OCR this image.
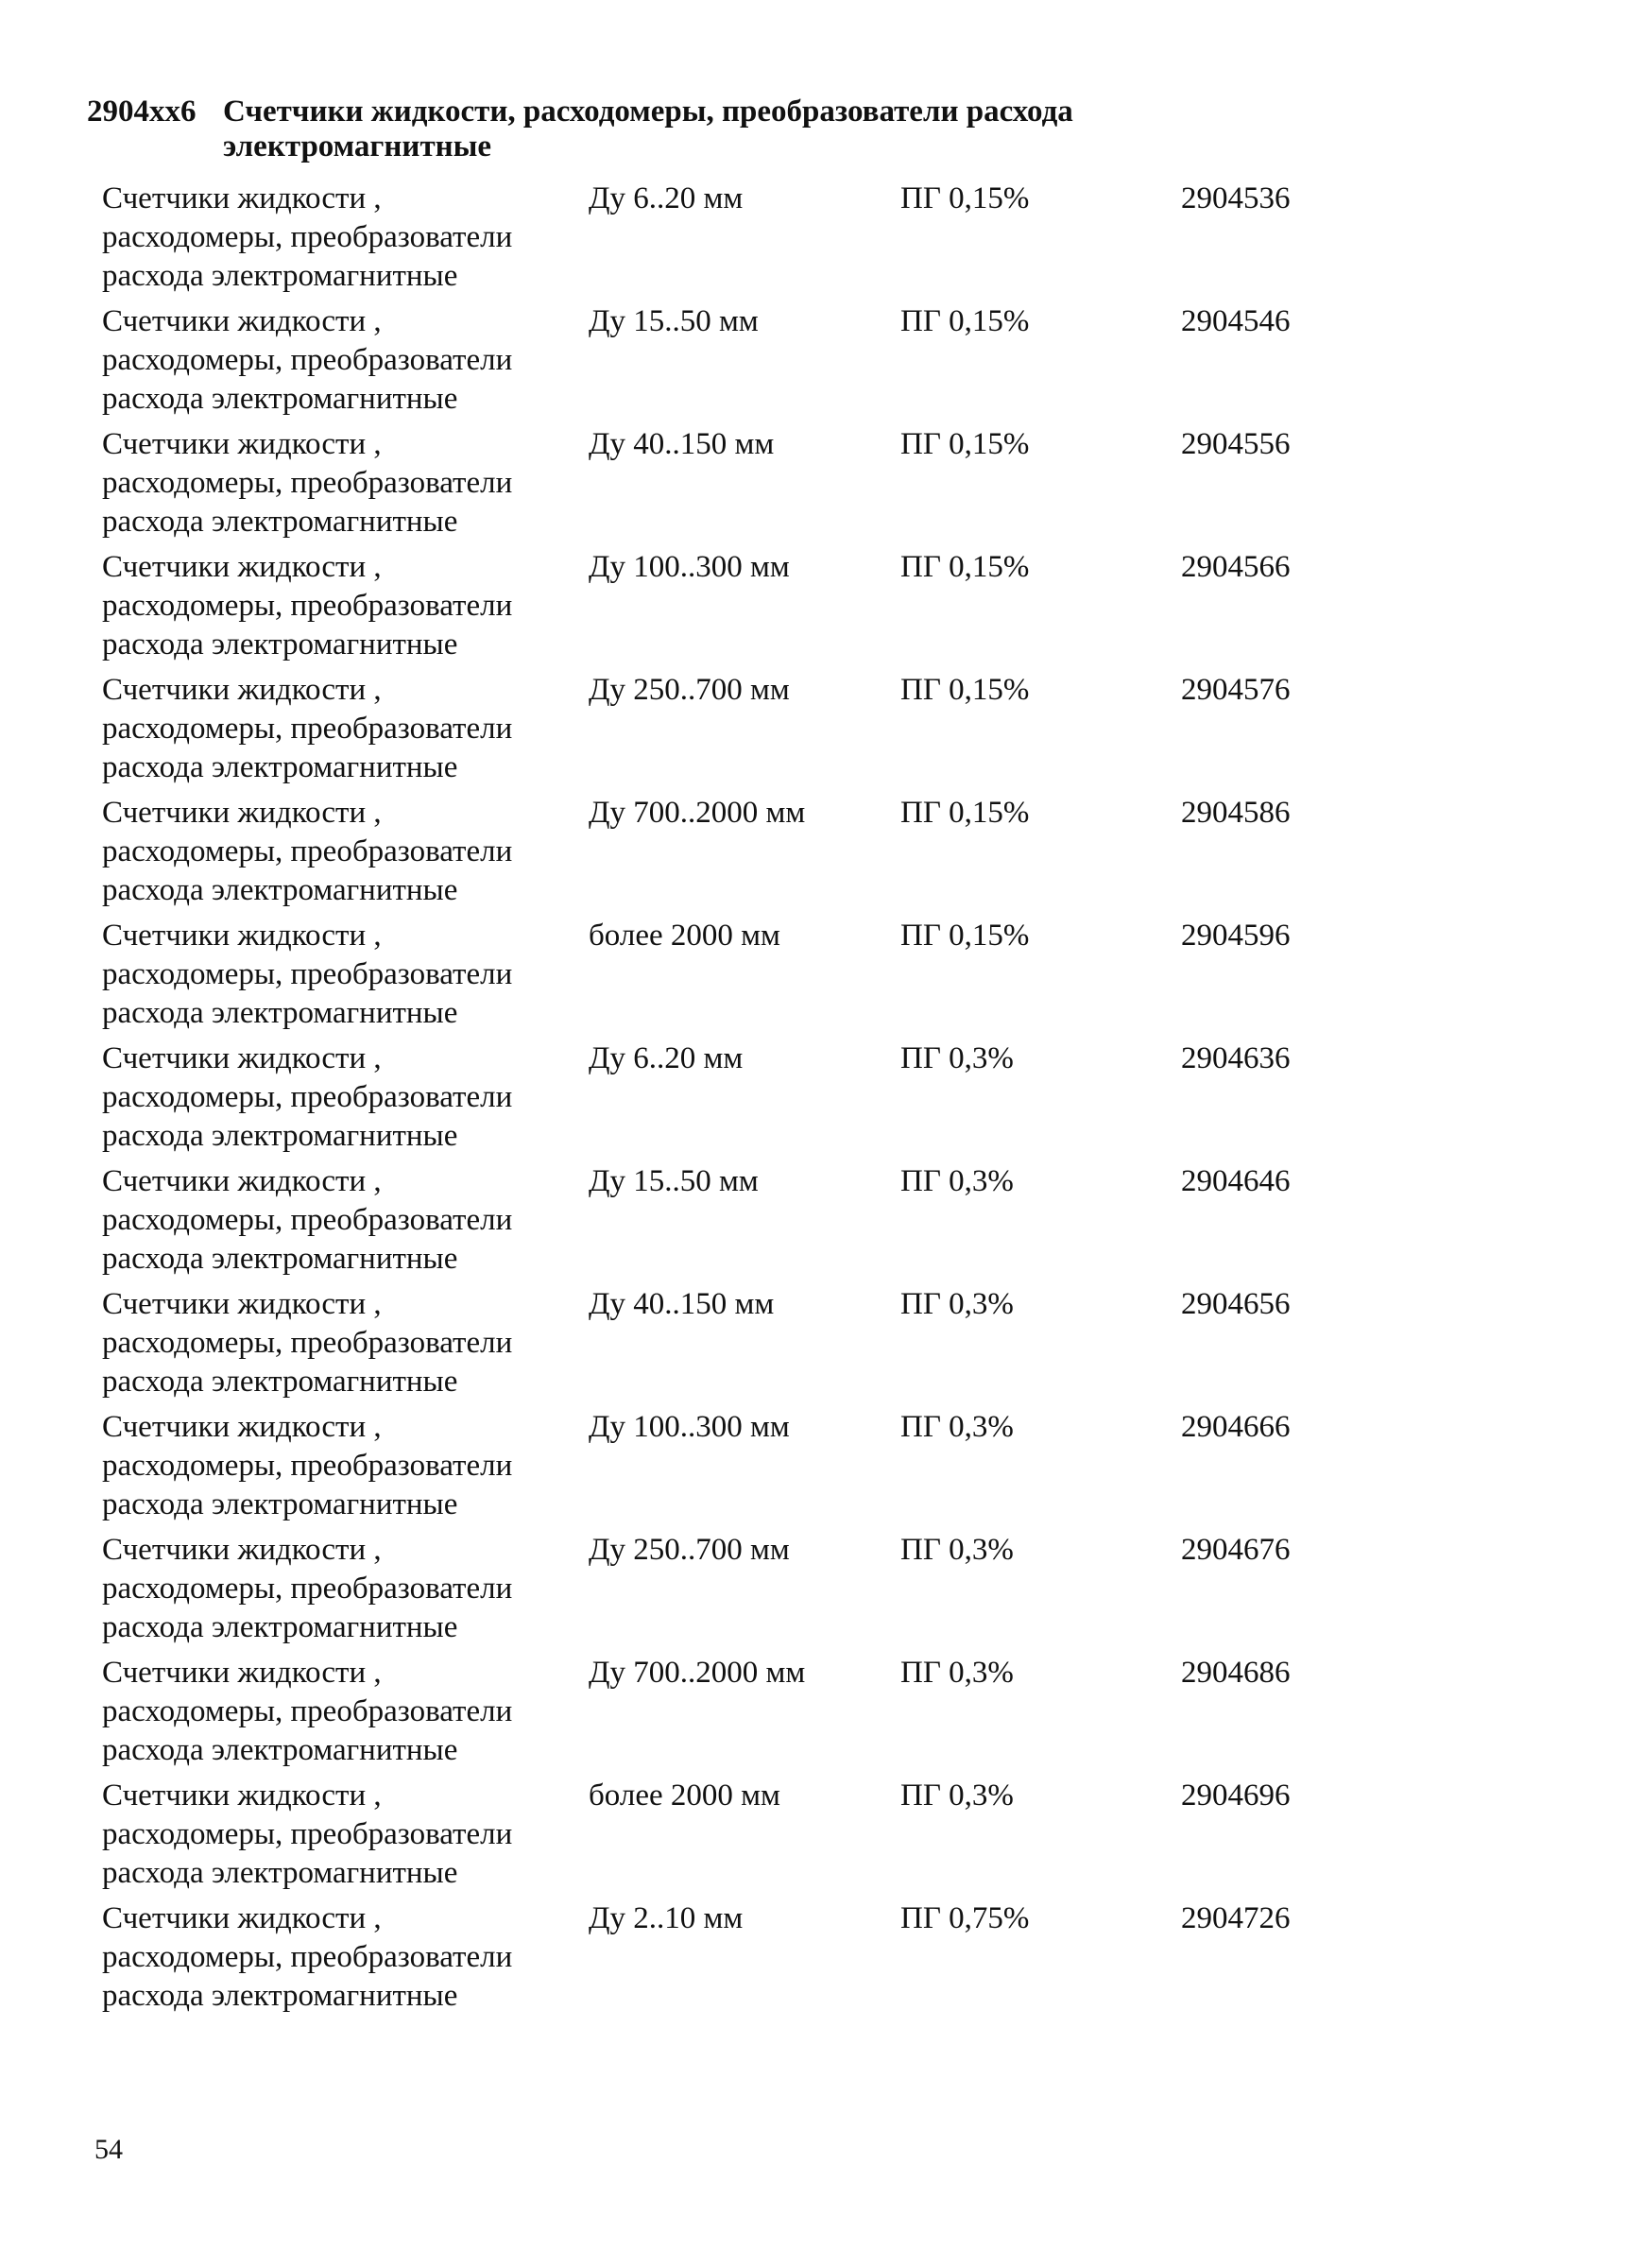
2904xx6 Счетчики жидкости, расходомеры, преобразователи расхода электромагнитные
Счетчики жидкости ,
расходомеры, преобразователи
расхода электромагнитные
Ду 6..20 мм	ПГ 0,15%	2904536
Счетчики жидкости ,
расходомеры, преобразователи
расхода электромагнитные
Ду 15..50 мм	ПГ 0,15%	2904546
Счетчики жидкости ,
расходомеры, преобразователи
расхода электромагнитные
Ду 40..150 мм	ПГ 0,15%	2904556
Счетчики жидкости ,
расходомеры, преобразователи
расхода электромагнитные
Ду 100..300 мм	ПГ 0,15%	2904566
Счетчики жидкости ,
расходомеры, преобразователи
расхода электромагнитные
Ду 250..700 мм	ПГ 0,15%	2904576
Счетчики жидкости ,
расходомеры, преобразователи
расхода электромагнитные
Ду 700..2000 мм	ПГ 0,15%	2904586
Счетчики жидкости ,
расходомеры, преобразователи
расхода электромагнитные
более 2000 мм	ПГ 0,15%	2904596
Счетчики жидкости ,
расходомеры, преобразователи
расхода электромагнитные
Ду 6..20 мм	ПГ 0,3%	2904636
Счетчики жидкости ,
расходомеры, преобразователи
расхода электромагнитные
Ду 15..50 мм	ПГ 0,3%	2904646
Счетчики жидкости ,
расходомеры, преобразователи
расхода электромагнитные
Ду 40..150 мм	ПГ 0,3%	2904656
Счетчики жидкости ,
расходомеры, преобразователи
расхода электромагнитные
Ду 100..300 мм	ПГ 0,3%	2904666
Счетчики жидкости ,
расходомеры, преобразователи
расхода электромагнитные
Ду 250..700 мм	ПГ 0,3%	2904676
Счетчики жидкости ,
расходомеры, преобразователи
расхода электромагнитные
Ду 700..2000 мм	ПГ 0,3%	2904686
Счетчики жидкости ,
расходомеры, преобразователи
расхода электромагнитные
более 2000 мм	ПГ 0,3%	2904696
Счетчики жидкости ,
расходомеры, преобразователи
расхода электромагнитные
Ду 2..10 мм	ПГ 0,75%	2904726
54
